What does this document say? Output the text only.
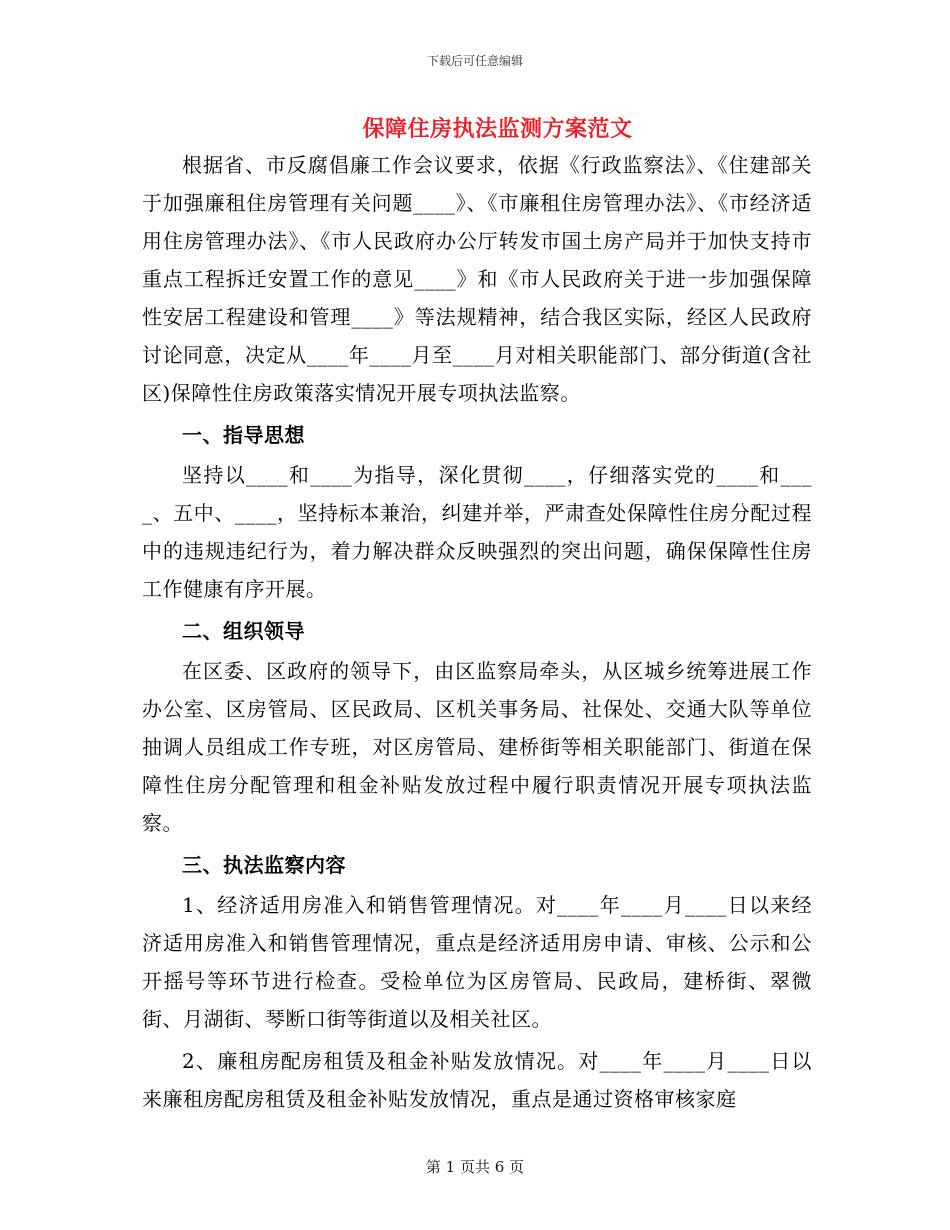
下载后可任意编辑
保障住房执法监测方案范文

根据省、市反腐倡廉工作会议要求，依据《行政监察法》、《住建部关于加强廉租住房管理有关问题____》、《市廉租住房管理办法》、《市经济适用住房管理办法》、《市人民政府办公厅转发市国土房产局并于加快支持市重点工程拆迁安置工作的意见____》和《市人民政府关于进一步加强保障性安居工程建设和管理____》等法规精神，结合我区实际，经区人民政府讨论同意，决定从____年____月至____月对相关职能部门、部分街道(含社区)保障性住房政策落实情况开展专项执法监察。

一、指导思想

坚持以____和____为指导，深化贯彻____，仔细落实党的____和____、五中、____，坚持标本兼治，纠建并举，严肃查处保障性住房分配过程中的违规违纪行为，着力解决群众反映强烈的突出问题，确保保障性住房工作健康有序开展。

二、组织领导

在区委、区政府的领导下，由区监察局牵头，从区城乡统筹进展工作办公室、区房管局、区民政局、区机关事务局、社保处、交通大队等单位抽调人员组成工作专班，对区房管局、建桥街等相关职能部门、街道在保障性住房分配管理和租金补贴发放过程中履行职责情况开展专项执法监察。

三、执法监察内容

1、经济适用房准入和销售管理情况。对____年____月____日以来经济适用房准入和销售管理情况，重点是经济适用房申请、审核、公示和公开摇号等环节进行检查。受检单位为区房管局、民政局，建桥街、翠微街、月湖街、琴断口街等街道以及相关社区。

2、廉租房配房租赁及租金补贴发放情况。对____年____月____日以来廉租房配房租赁及租金补贴发放情况，重点是通过资格审核家庭

第 1 页共 6 页
